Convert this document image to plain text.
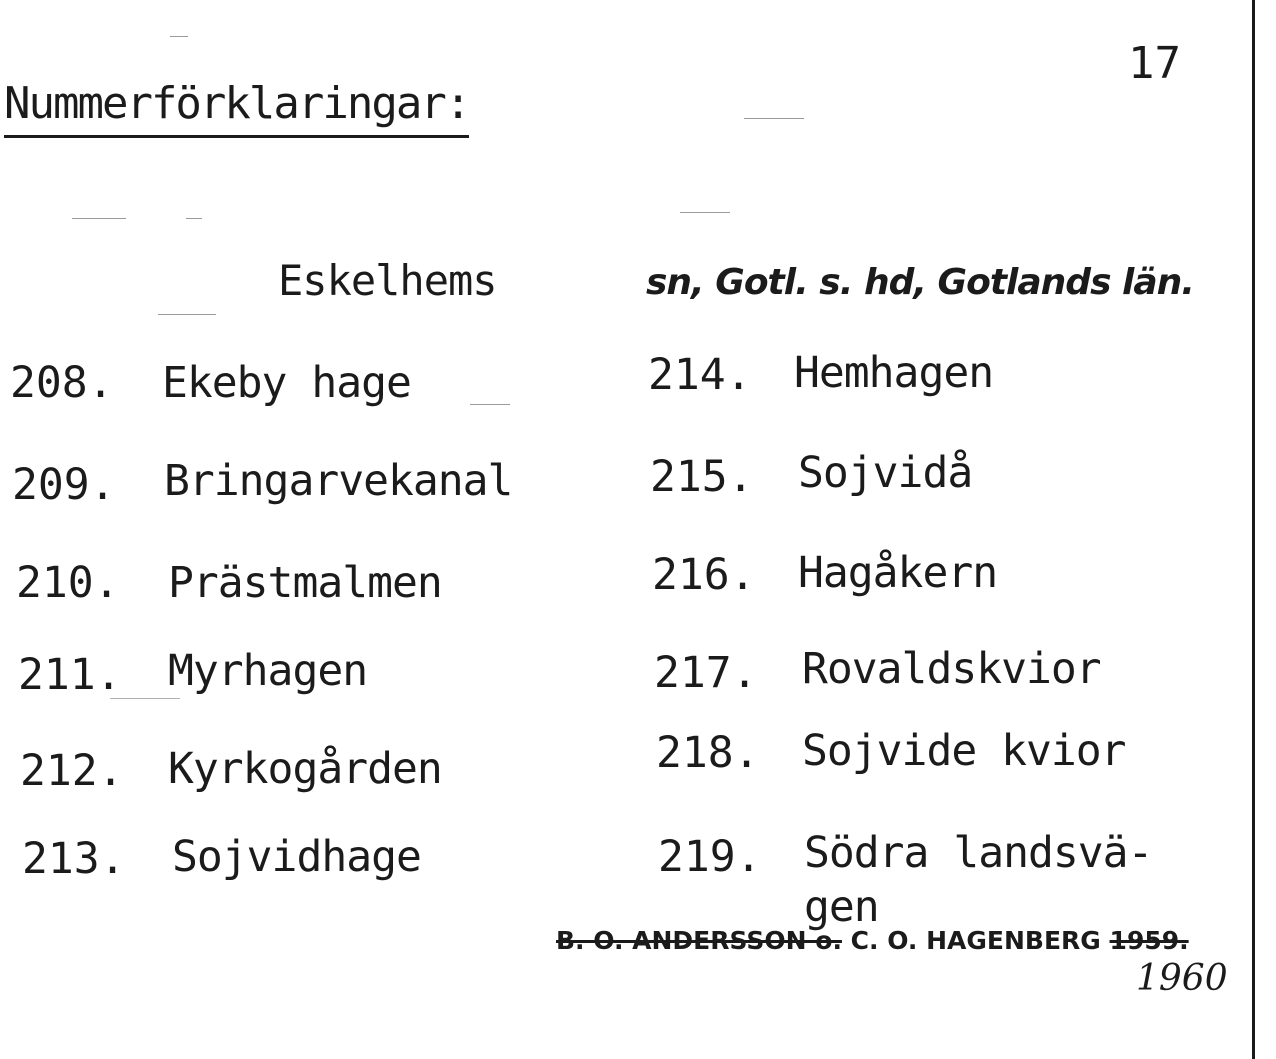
17
Nummerförklaringar:
Eskelhems	sn, Gotl. s. hd, Gotlands län.
208. Ekeby hage
209. Bringarvekanal
210. Prästmalmen
211. Myrhagen
212. Kyrkogården
213. Sojvidhage
214. Hemhagen
215. Sojvidå
216. Hagåkern
217. Rovaldskvior
218. Sojvide kvior
219. Södra landsvä-
gen
B. O. ANDERSSON o. C. O. HAGENBERG 1959.
1960
